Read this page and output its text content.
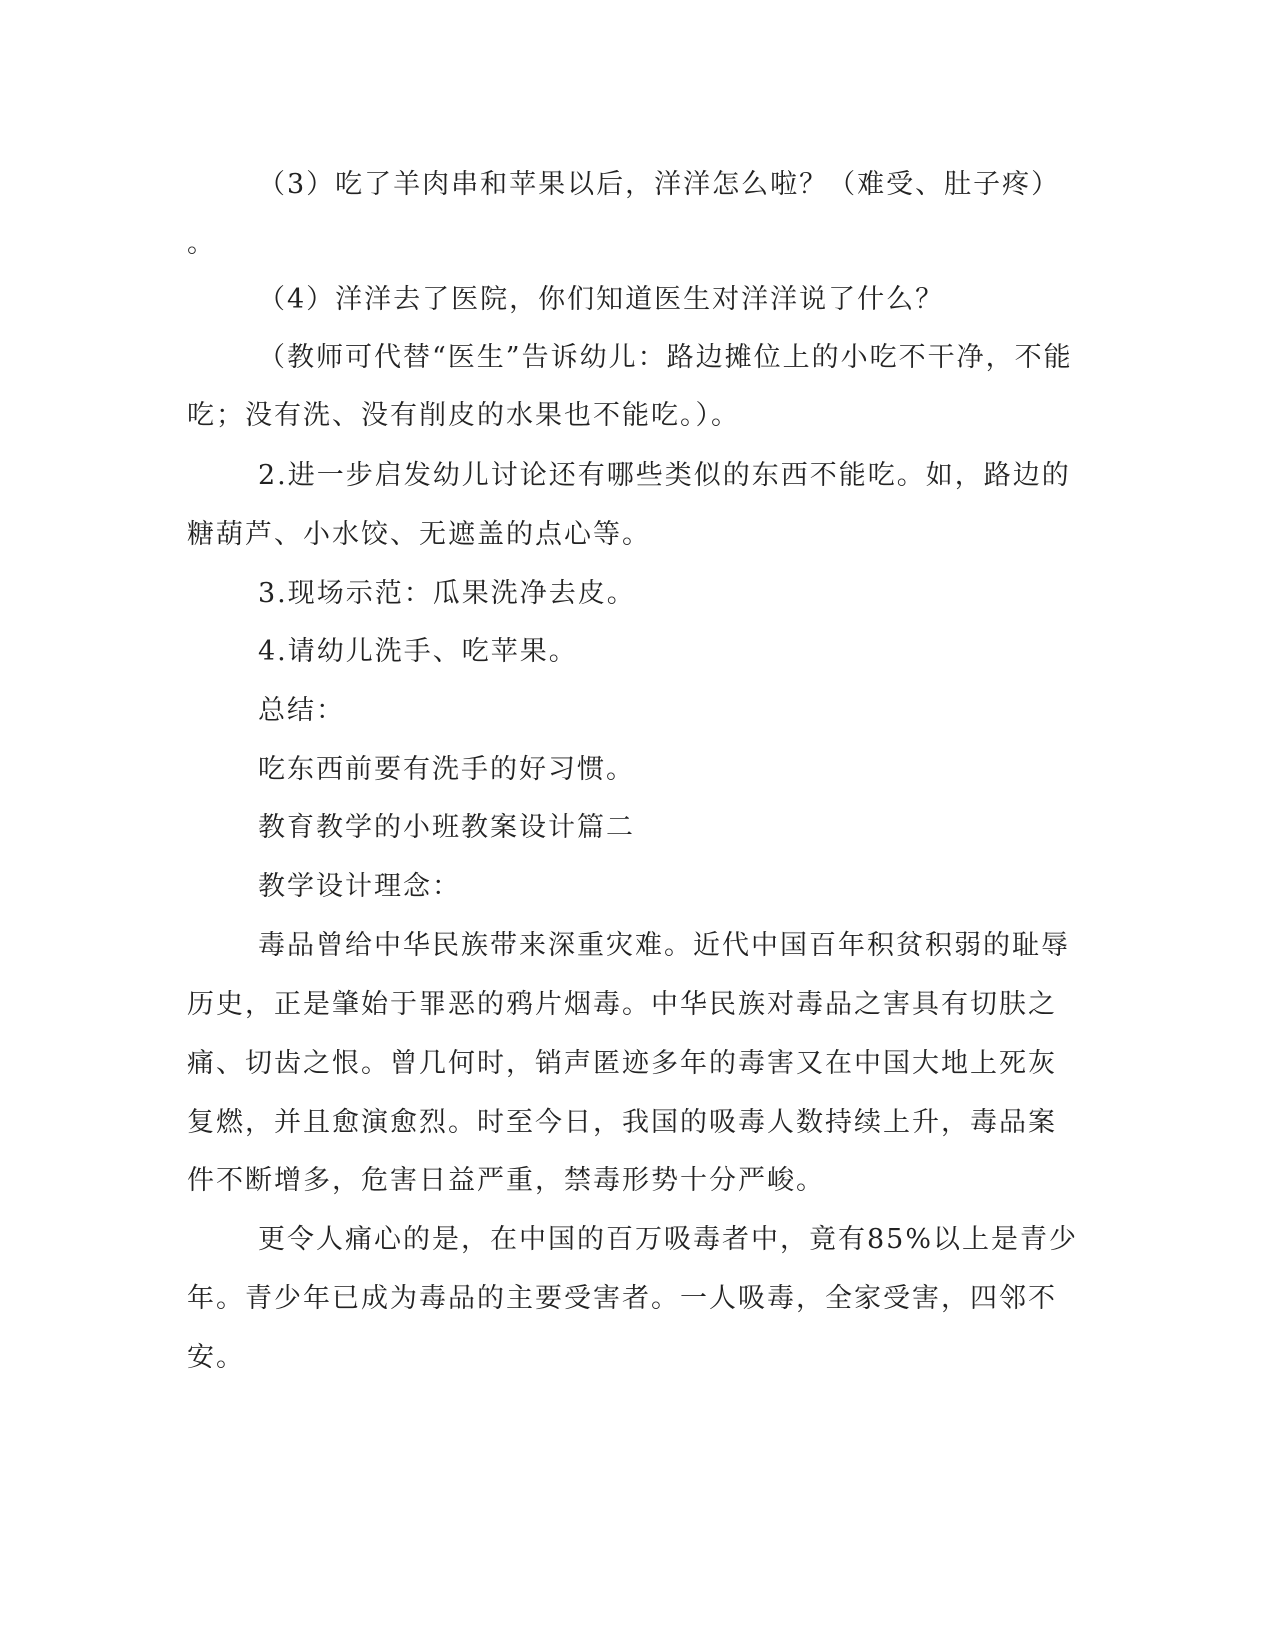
（3）吃了羊肉串和苹果以后，洋洋怎么啦？（难受、肚子疼）
。
（4）洋洋去了医院，你们知道医生对洋洋说了什么？
（教师可代替“医生”告诉幼儿：路边摊位上的小吃不干净，不能
吃；没有洗、没有削皮的水果也不能吃。）。
2.进一步启发幼儿讨论还有哪些类似的东西不能吃。如，路边的
糖葫芦、小水饺、无遮盖的点心等。
3.现场示范：瓜果洗净去皮。
4.请幼儿洗手、吃苹果。
总结：
吃东西前要有洗手的好习惯。
教育教学的小班教案设计篇二
教学设计理念：
毒品曾给中华民族带来深重灾难。近代中国百年积贫积弱的耻辱
历史，正是肇始于罪恶的鸦片烟毒。中华民族对毒品之害具有切肤之
痛、切齿之恨。曾几何时，销声匿迹多年的毒害又在中国大地上死灰
复燃，并且愈演愈烈。时至今日，我国的吸毒人数持续上升，毒品案
件不断增多，危害日益严重，禁毒形势十分严峻。
更令人痛心的是，在中国的百万吸毒者中，竟有85%以上是青少
年。青少年已成为毒品的主要受害者。一人吸毒，全家受害，四邻不
安。
